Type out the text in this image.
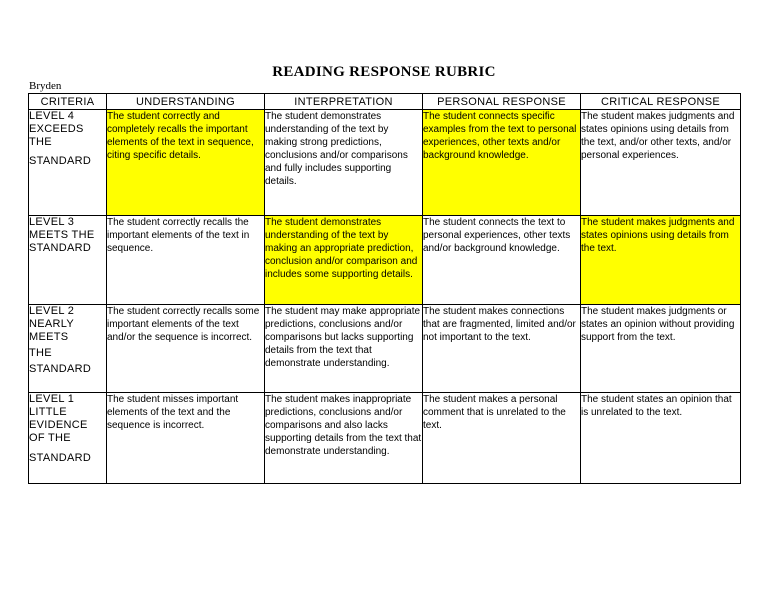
READING RESPONSE RUBRIC
Bryden
CRITERIA	UNDERSTANDING	INTERPRETATION	PERSONAL RESPONSE	CRITICAL RESPONSE

LEVEL 4
EXCEEDS
THE
STANDARD	The student correctly and completely recalls the important elements of the text in sequence, citing specific details.	The student demonstrates understanding of the text by making strong predictions, conclusions and/or comparisons and fully includes supporting details.	The student connects specific examples from the text to personal experiences, other texts and/or background knowledge.	The student makes judgments and states opinions using details from the text, and/or other texts, and/or personal experiences.

LEVEL 3
MEETS THE
STANDARD	The student correctly recalls the important elements of the text in sequence.	The student demonstrates understanding of the text by making an appropriate prediction, conclusion and/or comparison and includes some supporting details.	The student connects the text to personal experiences, other texts and/or background knowledge.	The student makes judgments and states opinions using details from the text.

LEVEL 2
NEARLY
MEETS
THE
STANDARD	The student correctly recalls some important elements of the text and/or the sequence is incorrect.	The student may make appropriate predictions, conclusions and/or comparisons but lacks supporting details from the text that demonstrate understanding.	The student makes connections that are fragmented, limited and/or not important to the text.	The student makes judgments or states an opinion without providing support from the text.

LEVEL 1
LITTLE
EVIDENCE
OF THE
STANDARD	The student misses important elements of the text and the sequence is incorrect.	The student makes inappropriate predictions, conclusions and/or comparisons and also lacks supporting details from the text that demonstrate understanding.	The student makes a personal comment that is unrelated to the text.	The student states an opinion that is unrelated to the text.
